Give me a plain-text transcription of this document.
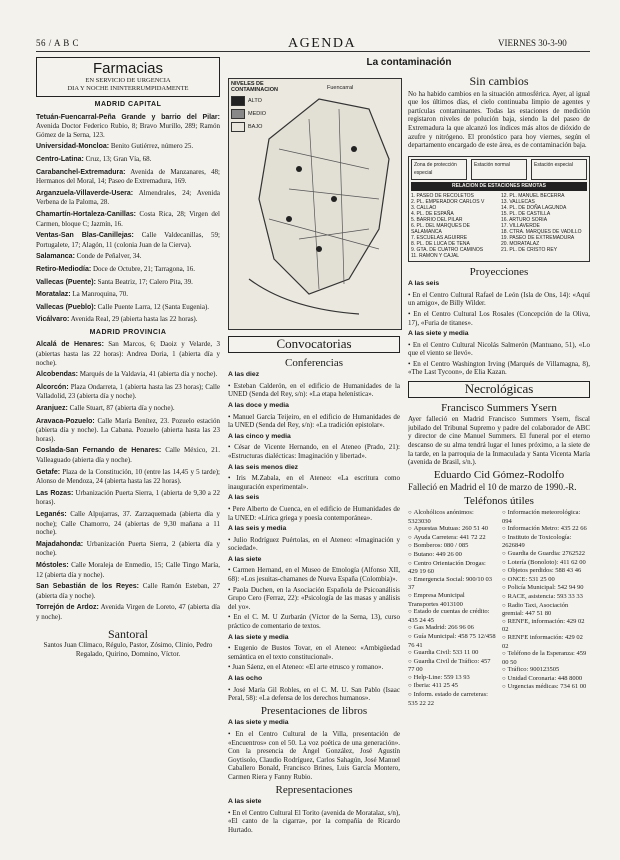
56 / A B C	AGENDA	VIERNES 30-3-90
Farmacias
EN SERVICIO DE URGENCIA
DIA Y NOCHE ININTERRUMPIDAMENTE
MADRID CAPITAL
Tetuán-Fuencarral-Peña Grande y barrio del Pilar: Avenida Doctor Federico Rubio, 8; Bravo Murillo, 289; Ramón Gómez de la Serna, 123.
Universidad-Moncloa: Benito Gutiérrez, número 25.
Centro-Latina: Cruz, 13; Gran Vía, 68.
Carabanchel-Extremadura: Avenida de Manzanares, 48; Hermanos del Moral, 14; Paseo de Extremadura, 169.
Arganzuela-Villaverde-Usera: Almendrales, 24; Avenida Verbena de la Paloma, 28.
Chamartín-Hortaleza-Canillas: Costa Rica, 28; Virgen del Carmen, bloque C; Jazmín, 16.
Ventas-San Blas-Canillejas: Calle Valdecanillas, 59; Portugalete, 17; Alagón, 11 (colonia Juan de la Cierva).
Salamanca: Conde de Peñalver, 34.
Retiro-Mediodía: Doce de Octubre, 21; Tarragona, 16.
Vallecas (Puente): Santa Beatriz, 17; Calero Pita, 39.
Moratalaz: La Manroquina, 70.
Vallecas (Pueblo): Calle Puente Larra, 12 (Santa Eugenia).
Vicálvaro: Avenida Real, 29 (abierta hasta las 22 horas).
MADRID PROVINCIA
Alcalá de Henares: San Marcos, 6; Daoiz y Velarde, 3 (abiertas hasta las 22 horas): Andrea Doria, 1 (abierta día y noche).
Alcobendas: Marqués de la Valdavia, 41 (abierta día y noche).
Alcorcón: Plaza Ondarreta, 1 (abierta hasta las 23 horas); Calle Valladolid, 23 (abierta día y noche).
Aranjuez: Calle Stuart, 87 (abierta día y noche).
Aravaca-Pozuelo: Calle María Benítez, 23. Pozuelo estación (abierta día y noche). La Cabana. Pozuelo (abierta hasta las 23 horas).
Coslada-San Fernando de Henares: Calle México, 21. Valleaguado (abierta día y noche).
Getafe: Plaza de la Constitución, 10 (entre las 14,45 y 5 tarde); Alonso de Mendoza, 24 (abierta hasta las 22 horas).
Las Rozas: Urbanización Puerta Sierra, 1 (abierta de 9,30 a 22 horas).
Leganés: Calle Alpujarras, 37. Zarzaquemada (abierta día y noche); Calle Chamorro, 24 (abiertas de 9,30 mañana a 11 noche).
Majadahonda: Urbanización Puerta Sierra, 2 (abierta día y noche).
Móstoles: Calle Moraleja de Enmedio, 15; Calle Tingo María, 12 (abierta día y noche).
San Sebastián de los Reyes: Calle Ramón Esteban, 27 (abierta día y noche).
Torrejón de Ardoz: Avenida Virgen de Loreto, 47 (abierta día y noche).
Santoral
Santos Juan Clímaco, Régulo, Pastor, Zósimo, Clinio, Pedro Regalado, Quirino, Domnino, Víctor.
La contaminación
NIVELES DE CONTAMINACION
ALTO
MEDIO
BAJO
Fuencarral
Convocatorias
Conferencias
A las diez
• Esteban Calderón, en el edificio de Humanidades de la UNED (Senda del Rey, s/n): «La etapa helenística».
A las doce y media
• Manuel García Teijeiro, en el edificio de Humanidades de la UNED (Senda del Rey, s/n): «La tradición epistolar».
A las cinco y media
• César de Vicente Hernando, en el Ateneo (Prado, 21): «Estructuras dialécticas: Imaginación y libertad».
A las seis menos diez
• Iris M.Zabala, en el Ateneo: «La escritura como inauguración experimental».
A las seis
• Pere Alberto de Cuenca, en el edificio de Humanidades de la UNED: «Lírica griega y poesía contemporánea».
A las seis y media
• Julio Rodríguez Puértolas, en el Ateneo: «Imaginación y sociedad».
A las siete
• Carmen Hernand, en el Museo de Etnología (Alfonso XII, 68): «Los jesuitas-chamanes de Nueva España (Colombia)».
• Paola Duchen, en la Asociación Española de Psicoanálisis Grupo Cero (Ferraz, 22): «Psicología de las masas y análisis del yo».
• En el C. M. U Zurbarán (Víctor de la Serna, 13), curso práctico de comentario de textos.
A las siete y media
• Eugenio de Bustos Tovar, en el Ateneo: «Ambigüedad semántica en el texto constitucional».
• Juan Sáenz, en el Ateneo: «El arte etrusco y romano».
A las ocho
• José María Gil Robles, en el C. M. U. San Pablo (Isaac Peral, 58): «La defensa de los derechos humanos».
Presentaciones de libros
A las siete y media
• En el Centro Cultural de la Villa, presentación de «Encuentros» con el 50. La voz poética de una generación». Con la presencia de Ángel González, José Agustín Goytisolo, Claudio Rodríguez, Carlos Sahagún, José Manuel Caballero Bonald, Francisco Brines, Luis García Montero, Carmen Riera y Fanny Rubio.
Representaciones
A las siete
• En el Centro Cultural El Torito (avenida de Moratalaz, s/n), «El canto de la cigarra», por la compañía de Ricardo Hurtado.
Sin cambios
No ha habido cambios en la situación atmosférica. Ayer, al igual que los últimos días, el cielo continuaba limpio de agentes y partículas contaminantes. Todas las estaciones de medición registaron niveles de polución baja, siendo la del paseo de Extremadura la que alcanzó los índices más altos de dióxido de azufre y nitrógeno. El pronóstico para hoy viernes, según el departamento encargado de este área, es de contaminación baja.
Zona de protección especial
Estación normal	Estación especial
RELACION DE ESTACIONES REMOTAS
1. PASEO DE RECOLETOS
2. PL. EMPERADOR CARLOS V
3. CALLAO
4. PL. DE ESPAÑA
5. BARRIO DEL PILAR
6. PL. DEL MARQUES DE SALAMANCA
7. ESCUELAS AGUIRRE
8. PL. DE LUCA DE TENA
9. GTA. DE CUATRO CAMINOS
11. RAMON Y CAJAL
12. PL. MANUEL BECERRA
13. VALLECAS
14. PL. DE DOÑA LAGUNDA
15. PL. DE CASTILLA
16. ARTURO SORIA
17. VILLAVERDE
18. CTRA. MARQUES DE VADILLO
19. PASEO DE EXTREMADURA
20. MORATALAZ
21. PL. DE CRISTO REY
Proyecciones
A las seis
• En el Centro Cultural Rafael de León (Isla de Ons, 14): «Aquí un amigo», de Billy Wilder.
• En el Centro Cultural Los Rosales (Concepción de la Oliva, 17), «Furia de titanes».
A las siete y media
• En el Centro Cultural Nicolás Salmerón (Mantuano, 51), «Lo que el viento se llevó».
• En el Centro Washington Irving (Marqués de Villamagna, 8), «The Last Tycoon», de Elia Kazan.
Necrológicas
Francisco Summers Ysern
Ayer falleció en Madrid Francisco Summers Ysern, fiscal jubilado del Tribunal Supremo y padre del colaborador de ABC y director de cine Manuel Summers. El funeral por el eterno descanso de su alma tendrá lugar el lunes próximo, a la siete de la tarde, en la parroquia de la Inmaculada y Santa Vicenta María (avenida de Brasil, s/n.).
Eduardo Cid Gómez-Rodolfo
Falleció en Madrid el 10 de marzo de 1990.-R.
Teléfonos útiles
○ Alcohólicos anónimos: 5323030
○ Apuestas Mutuas: 260 51 40
○ Ayuda Carretera: 441 72 22
○ Bomberos: 080 / 085
○ Butano: 449 26 00
○ Centro Orientación Drogas: 429 19 60
○ Emergencia Social: 900/10 03 37
○ Empresa Municipal Transportes 4013100
○ Estado de cuentas de crédito: 435 24 45
○ Gas Madrid: 266 96 06
○ Guía Municipal: 458 75 12/458 76 41
○ Guardia Civil: 533 11 00
○ Guardia Civil de Tráfico: 457 77 00
○ Help-Line: 559 13 93
○ Iberia: 411 25 45
○ Inform. estado de carreteras: 535 22 22
○ Información meteorológica: 094
○ Información Metro: 435 22 66
○ Instituto de Toxicología: 2626849
○ Guardia de Guardia: 2762522
○ Lotería (Bonoloto): 411 62 00
○ Objetos perdidos: 588 43 46
○ ONCE: 531 25 00
○ Policía Municipal: 542 94 90
○ RACE, asistencia: 593 33 33
○ Radio Taxi, Asociación gremial: 447 51 80
○ RENFE, información: 429 02 02
○ RENFE información: 429 02 02
○ Teléfono de la Esperanza: 459 00 50
○ Tráfico: 900123505
○ Unidad Coronaria: 448 8000
○ Urgencias médicas: 734 61 00
